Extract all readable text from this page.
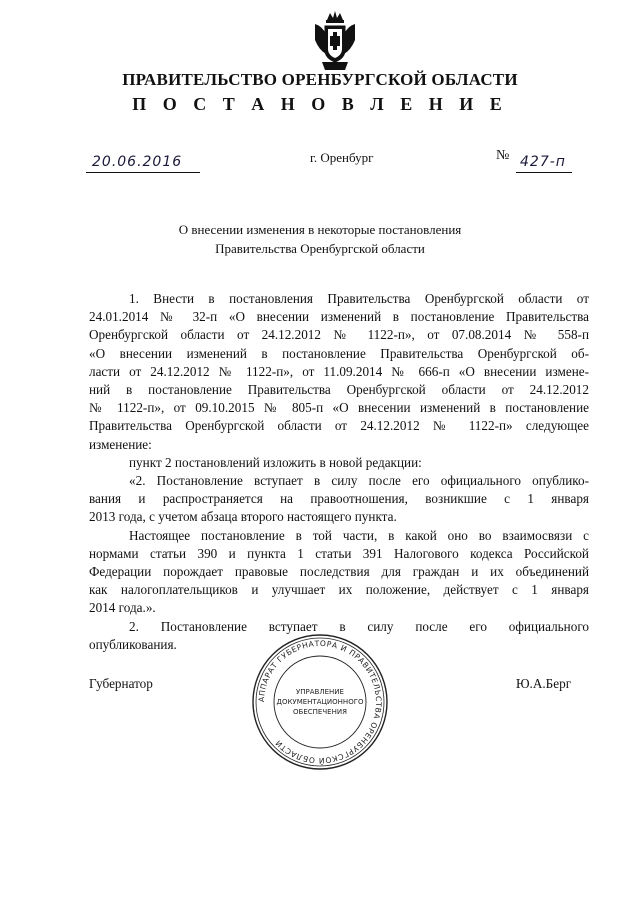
ПРАВИТЕЛЬСТВО ОРЕНБУРГСКОЙ ОБЛАСТИ
П О С Т А Н О В Л Е Н И Е
20.06.2016	г. Оренбург	№ 427-п
О внесении изменения в некоторые постановления
Правительства Оренбургской области
1. Внести в постановления Правительства Оренбургской области от
24.01.2014 № 32-п «О внесении изменений в постановление Правительства
Оренбургской области от 24.12.2012 № 1122-п», от 07.08.2014 № 558-п
«О внесении изменений в постановление Правительства Оренбургской об-
ласти от 24.12.2012 № 1122-п», от 11.09.2014 № 666-п «О внесении измене-
ний в постановление Правительства Оренбургской области от 24.12.2012
№ 1122-п», от 09.10.2015 № 805-п «О внесении изменений в постановление
Правительства Оренбургской области от 24.12.2012 № 1122-п» следующее
изменение:
пункт 2 постановлений изложить в новой редакции:
«2. Постановление вступает в силу после его официального опублико-
вания и распространяется на правоотношения, возникшие с 1 января
2013 года, с учетом абзаца второго настоящего пункта.
Настоящее постановление в той части, в какой оно во взаимосвязи с
нормами статьи 390 и пункта 1 статьи 391 Налогового кодекса Российской
Федерации порождает правовые последствия для граждан и их объединений
как налогоплательщиков и улучшает их положение, действует с 1 января
2014 года.».
2. Постановление вступает в силу после его официального
опубликования.
Губернатор	Ю.А.Берг
АППАРАТ ГУБЕРНАТОРА И ПРАВИТЕЛЬСТВА ОРЕНБУРГСКОЙ ОБЛАСТИ
УПРАВЛЕНИЕ
ДОКУМЕНТАЦИОННОГО
ОБЕСПЕЧЕНИЯ
